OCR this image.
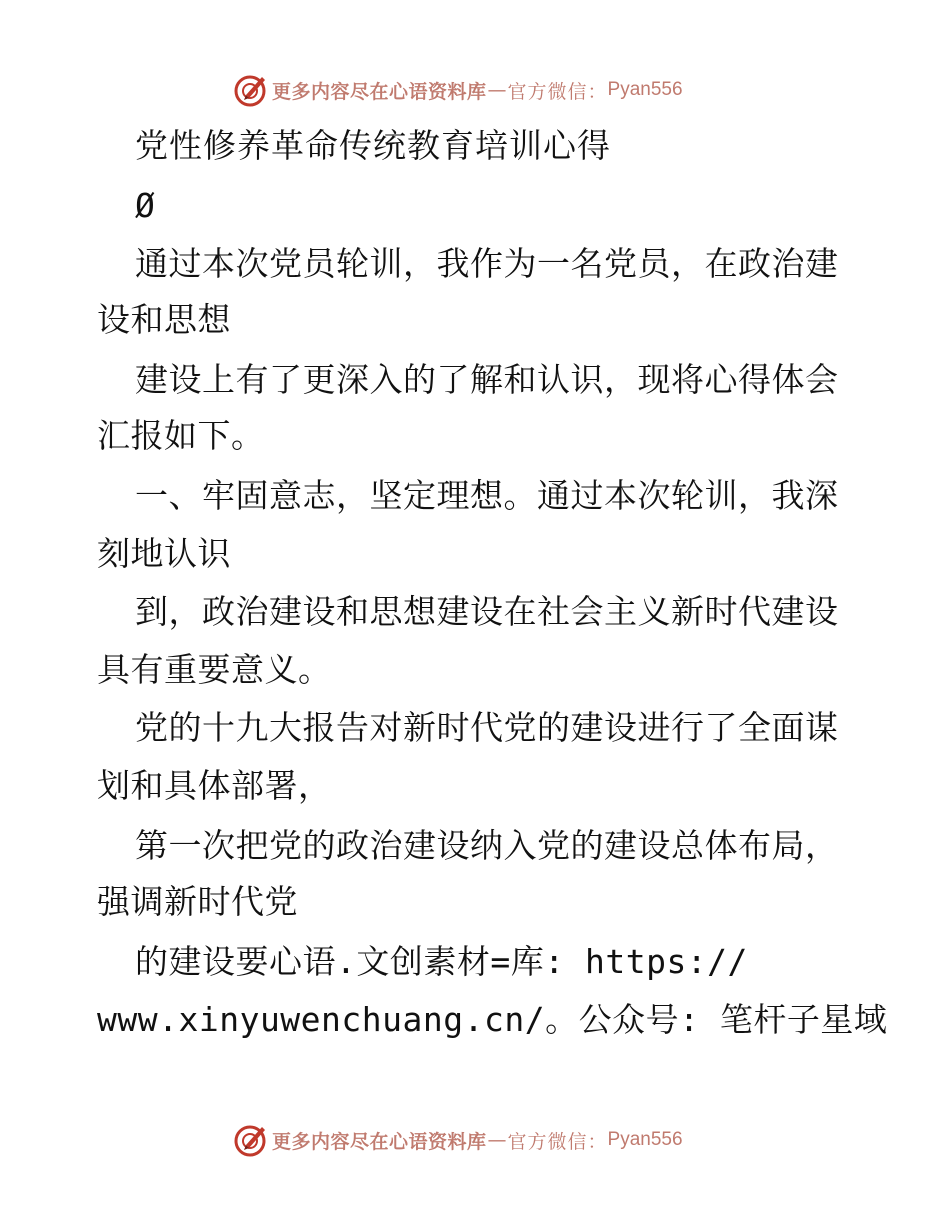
更多内容尽在心语资料库 — 官方微信： Pyan556
党性修养革命传统教育培训心得
Ø
通过本次党员轮训，我作为一名党员，在政治建
设和思想
建设上有了更深入的了解和认识，现将心得体会
汇报如下。
一、牢固意志，坚定理想。通过本次轮训，我深
刻地认识
到，政治建设和思想建设在社会主义新时代建设
具有重要意义。
党的十九大报告对新时代党的建设进行了全面谋
划和具体部署，
第一次把党的政治建设纳入党的建设总体布局，
强调新时代党
的建设要心语.文创素材=库: https://
www.xinyuwenchuang.cn/。公众号: 笔杆子星域
更多内容尽在心语资料库 — 官方微信： Pyan556
